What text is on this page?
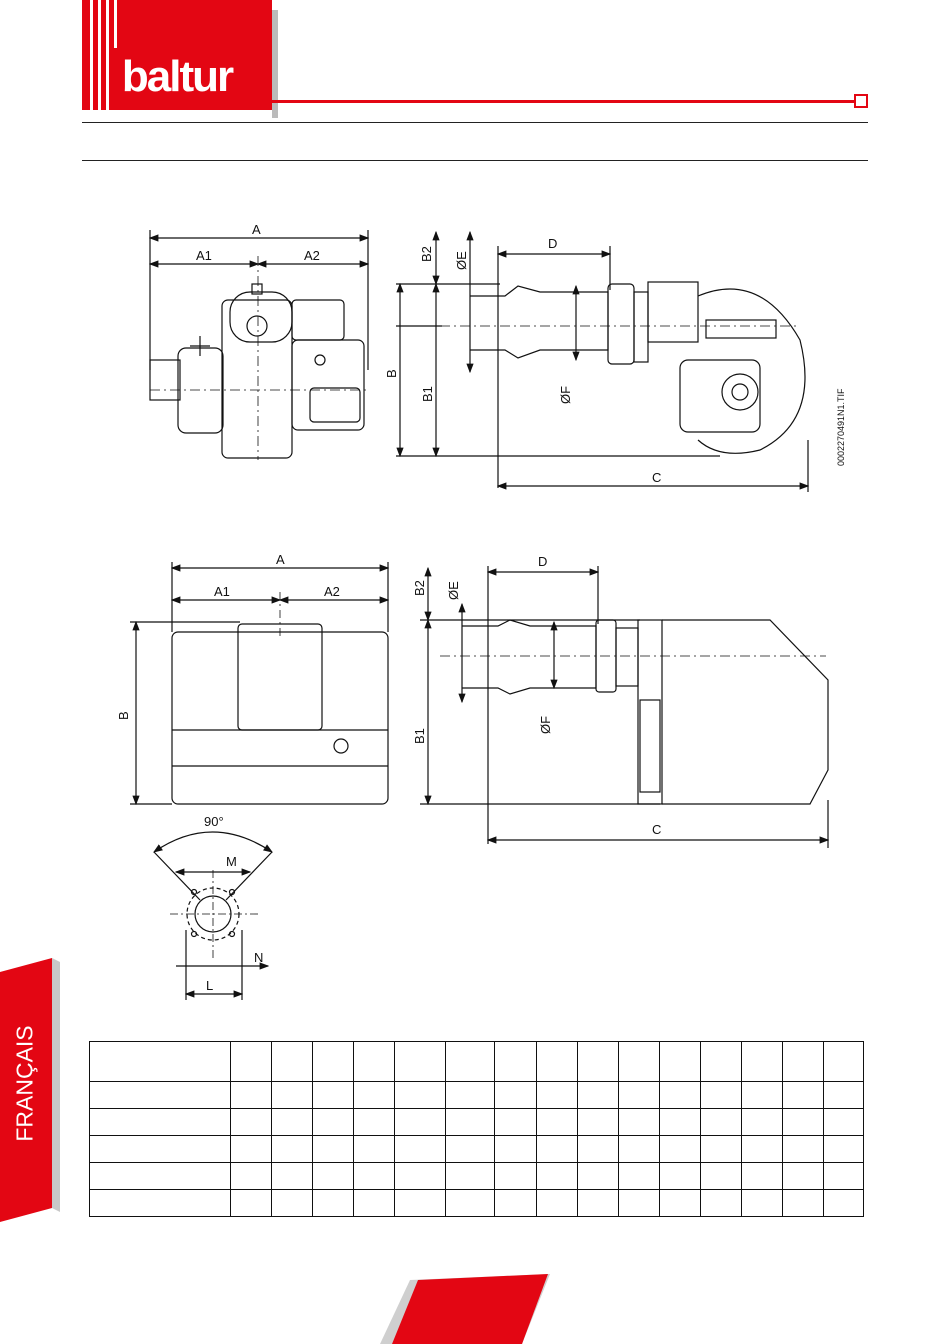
baltur
A
A1	A2	B2 ØE
D
B
B1	ØF
C
0002270491N1.TIF
A
A1	A2
B
B2 ØE
D
B1
ØF
C
90°
M
N
L

FRANÇAIS
